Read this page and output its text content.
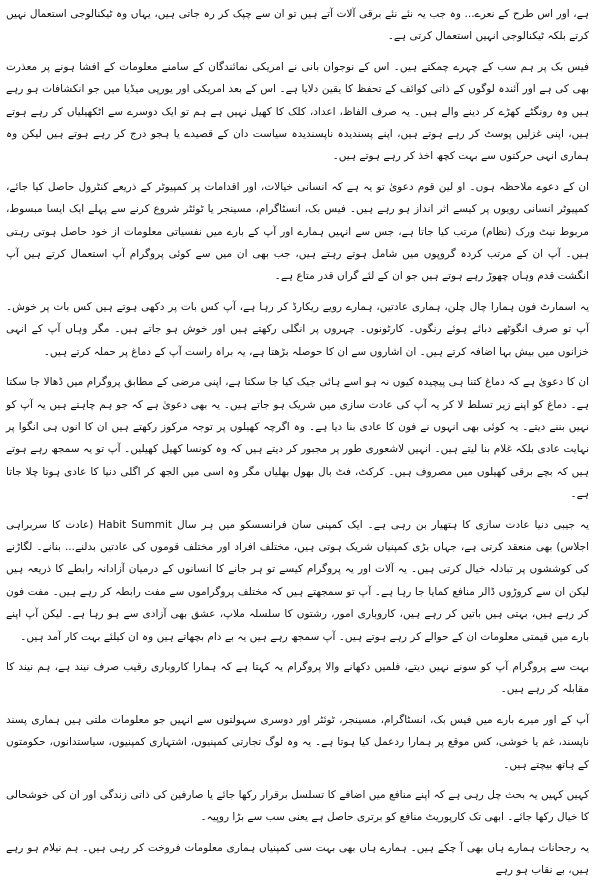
ہے، اور اس طرح کے نعرے... وہ جب یہ نئے نئے برقی آلات آتے ہیں تو ان سے چپک کر رہ جاتی ہیں، یہاں وہ ٹیکنالوجی استعمال نہیں کرتے بلکہ ٹیکنالوجی انہیں استعمال کرتی ہے۔

فیس بک پر ہم سب کے چہرے چمکتے ہیں۔ اس کے نوجوان بانی نے امریکی نمائندگان کے سامنے معلومات کے افشا ہونے پر معذرت بھی کی ہے اور آئندہ لوگوں کے ذاتی کوائف کے تحفظ کا یقین دلایا ہے۔ اس کے بعد امریکی اور یورپی میڈیا میں جو انکشافات ہو رہے ہیں وہ رونگٹے کھڑے کر دینے والے ہیں۔ یہ صرف الفاظ، اعداد، کلک کا کھیل نہیں ہے ہم تو ایک دوسرے سے اٹکھیلیاں کر رہے ہوتے ہیں، اپنی غزلیں پوسٹ کر رہے ہوتے ہیں، اپنے پسندیدہ ناپسندیدہ سیاست دان کے قصیدے یا ہجو درج کر رہے ہوتے ہیں لیکن وہ ہماری انہی حرکتوں سے بہت کچھ اخذ کر رہے ہوتے ہیں۔

ان کے دعوے ملاحظہ ہوں۔ او لین قوم دعویٰ تو یہ ہے کہ انسانی خیالات، اور اقدامات پر کمپیوٹر کے ذریعے کنٹرول حاصل کیا جائے، کمپیوٹر انسانی رویوں پر کیسے اثر انداز ہو رہے ہیں۔ فیس بک، انسٹاگرام، مسینجر یا ٹوئٹر شروع کرنے سے پہلے ایک ایسا مبسوط، مربوط نیٹ ورک (نظام) مرتب کیا جاتا ہے، جس سے انہیں ہمارے اور آپ کے بارے میں نفسیاتی معلومات از خود حاصل ہوتی رہتی ہیں۔ آپ ان کے مرتب کردہ گروپوں میں شامل ہوتے رہتے ہیں، جب بھی ان میں سے کوئی پروگرام آپ استعمال کرتے ہیں آپ انگشت قدم وہاں چھوڑ رہے ہوتے ہیں جو ان کے لئے گراں قدر متاع ہے۔

یہ اسمارٹ فون ہمارا چال چلن، ہماری عادتیں، ہمارے رویے ریکارڈ کر رہا ہے، آپ کس بات پر دکھی ہوتے ہیں کس بات پر خوش۔ آپ تو صرف انگوٹھے دبائے ہوئے رنگوں۔ کارٹونوں۔ چہروں پر انگلی رکھتے ہیں اور خوش ہو جاتے ہیں۔ مگر وہاں آپ کے انہی خزانوں میں بیش بہا اضافہ کرتے ہیں۔ ان اشاروں سے ان کا حوصلہ بڑھتا ہے، یہ براہ راست آپ کے دماغ پر حملہ کرتے ہیں۔

ان کا دعویٰ ہے کہ دماغ کتنا ہی پیچیدہ کیوں نہ ہو اسے ہائی جیک کیا جا سکتا ہے، اپنی مرضی کے مطابق پروگرام میں ڈھالا جا سکتا ہے۔ دماغ کو اپنے زیر تسلط لا کر یہ آپ کی عادت سازی میں شریک ہو جاتے ہیں۔ یہ بھی دعویٰ ہے کہ جو ہم چاہتے ہیں یہ آپ کو نہیں بننے دیتے۔ یہ کوئی بھی انہوں نے فون کا عادی بنا دیا ہے۔ وہ اگرچہ کھیلوں پر توجہ مرکوز رکھتے ہیں ان کا انوں ہی انگوا پر نہایت عادی بلکہ غلام بنا لیتے ہیں۔ انہیں لاشعوری طور پر مجبور کر دیتے ہیں کہ وہ کونسا کھیل کھیلیں۔ آپ تو یہ سمجھ رہے ہوتے ہیں کہ بچے برقی کھیلوں میں مصروف ہیں۔ کرکٹ، فٹ بال بھول بھلیاں مگر وہ اسی میں الجھ کر اگلی دنیا کا عادی ہوتا چلا جاتا ہے۔

یہ جیبی دنیا عادت سازی کا ہتھیار بن رہی ہے۔ ایک کمپنی سان فرانسسکو میں ہر سال Habit Summit (عادت کا سربراہی اجلاس) بھی منعقد کرتی ہے، جہاں بڑی کمپنیاں شریک ہوتی ہیں، مختلف افراد اور مختلف قوموں کی عادتیں بدلنے... بنانے۔ لگاڑنے کی کوششوں پر تبادلہ خیال کرتی ہیں۔ یہ آلات اور یہ پروگرام کیسے تو ہر جانے کا انسانوں کے درمیان آزادانہ رابطے کا ذریعہ ہیں لیکن ان سے کروڑوں ڈالر منافع کمایا جا رہا ہے۔ آپ تو سمجھتے ہیں کہ مختلف پروگراموں سے مفت رابطہ کر رہے ہیں۔ مفت فون کر رہے ہیں، بہتی ہیں باتیں کر رہے ہیں، کاروباری امور، رشتوں کا سلسلہ ملاپ، عشق بھی آزادی سے ہو رہا ہے۔ لیکن آپ اپنے بارے میں قیمتی معلومات ان کے حوالے کر رہے ہوتے ہیں۔ آپ سمجھ رہے ہیں یہ بے دام بچھاتے ہیں وہ ان کیلئے بہت کار آمد ہیں۔

بہت سے پروگرام آپ کو سونے نہیں دیتے، فلمیں دکھانے والا پروگرام یہ کہتا ہے کہ ہمارا کاروباری رقیب صرف نیند ہے، ہم نیند کا مقابلہ کر رہے ہیں۔

آپ کے اور میرے بارے میں فیس بک، انسٹاگرام، مسینجر، ٹوئٹر اور دوسری سہولتوں سے انہیں جو معلومات ملتی ہیں ہماری پسند ناپسند، غم یا خوشی، کس موقع پر ہمارا ردعمل کیا ہوتا ہے۔ یہ وہ لوگ تجارتی کمپنیوں، اشتہاری کمپنیوں، سیاستدانوں، حکومتوں کے ہاتھ بیچتے ہیں۔

کہیں کہیں یہ بحث چل رہی ہے کہ اپنے منافع میں اضافے کا تسلسل برقرار رکھا جائے یا صارفین کی ذاتی زندگی اور ان کی خوشحالی کا خیال رکھا جائے۔ ابھی تک کارپوریٹ منافع کو برتری حاصل ہے یعنی سب سے بڑا روپیہ۔

یہ رجحانات ہمارے ہاں بھی آ چکے ہیں۔ ہمارے ہاں بھی بہت سی کمپنیاں ہماری معلومات فروخت کر رہی ہیں۔ ہم نیلام ہو رہے ہیں، بے نقاب ہو رہے
